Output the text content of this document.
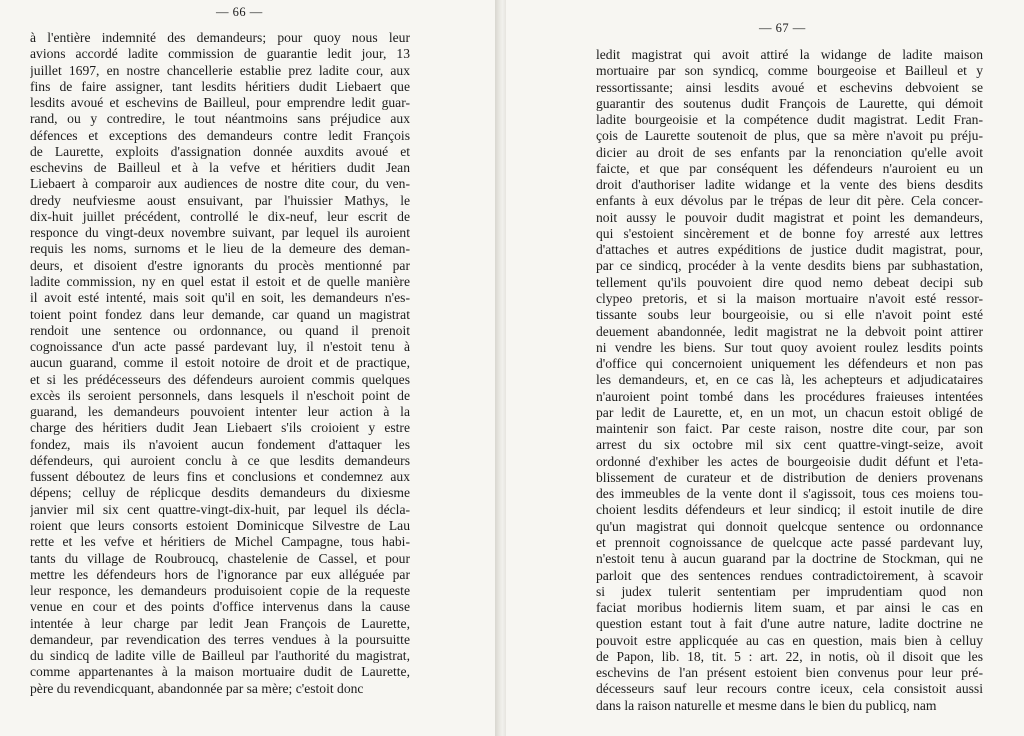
— 66 —
à l'entière indemnité des demandeurs; pour quoy nous leur
avions accordé ladite commission de guarantie ledit jour, 13
juillet 1697, en nostre chancellerie establie prez ladite cour, aux
fins de faire assigner, tant lesdits héritiers dudit Liebaert que
lesdits avoué et eschevins de Bailleul, pour emprendre ledit guar-
rand, ou y contredire, le tout néantmoins sans préjudice aux
défences et exceptions des demandeurs contre ledit François
de Laurette, exploits d'assignation donnée auxdits avoué et
eschevins de Bailleul et à la vefve et héritiers dudit Jean
Liebaert à comparoir aux audiences de nostre dite cour, du ven-
dredy neufviesme aoust ensuivant, par l'huissier Mathys, le
dix-huit juillet précédent, controllé le dix-neuf, leur escrit de
responce du vingt-deux novembre suivant, par lequel ils auroient
requis les noms, surnoms et le lieu de la demeure des deman-
deurs, et disoient d'estre ignorants du procès mentionné par
ladite commission, ny en quel estat il estoit et de quelle manière
il avoit esté intenté, mais soit qu'il en soit, les demandeurs n'es-
toient point fondez dans leur demande, car quand un magistrat
rendoit une sentence ou ordonnance, ou quand il prenoit
cognoissance d'un acte passé pardevant luy, il n'estoit tenu à
aucun guarand, comme il estoit notoire de droit et de practique,
et si les prédécesseurs des défendeurs auroient commis quelques
excès ils seroient personnels, dans lesquels il n'eschoit point de
guarand, les demandeurs pouvoient intenter leur action à la
charge des héritiers dudit Jean Liebaert s'ils croioient y estre
fondez, mais ils n'avoient aucun fondement d'attaquer les
défendeurs, qui auroient conclu à ce que lesdits demandeurs
fussent déboutez de leurs fins et conclusions et condemnez aux
dépens; celluy de réplicque desdits demandeurs du dixiesme
janvier mil six cent quattre-vingt-dix-huit, par lequel ils décla-
roient que leurs consorts estoient Dominicque Silvestre de Lau
rette et les vefve et héritiers de Michel Campagne, tous habi-
tants du village de Roubroucq, chastelenie de Cassel, et pour
mettre les défendeurs hors de l'ignorance par eux alléguée par
leur responce, les demandeurs produisoient copie de la requeste
venue en cour et des points d'office intervenus dans la cause
intentée à leur charge par ledit Jean François de Laurette,
demandeur, par revendication des terres vendues à la poursuitte
du sindicq de ladite ville de Bailleul par l'authorité du magistrat,
comme appartenantes à la maison mortuaire dudit de Laurette,
père du revendicquant, abandonnée par sa mère; c'estoit donc
— 67 —
ledit magistrat qui avoit attiré la widange de ladite maison
mortuaire par son syndicq, comme bourgeoise et Bailleul et y
ressortissante; ainsi lesdits avoué et eschevins debvoient se
guarantir des soutenus dudit François de Laurette, qui démoit
ladite bourgeoisie et la compétence dudit magistrat. Ledit Fran-
çois de Laurette soutenoit de plus, que sa mère n'avoit pu préju-
dicier au droit de ses enfants par la renonciation qu'elle avoit
faicte, et que par conséquent les défendeurs n'auroient eu un
droit d'authoriser ladite widange et la vente des biens desdits
enfants à eux dévolus par le trépas de leur dit père. Cela concer-
noit aussy le pouvoir dudit magistrat et point les demandeurs,
qui s'estoient sincèrement et de bonne foy arresté aux lettres
d'attaches et autres expéditions de justice dudit magistrat, pour,
par ce sindicq, procéder à la vente desdits biens par subhastation,
tellement qu'ils pouvoient dire quod nemo debeat decipi sub
clypeo pretoris, et si la maison mortuaire n'avoit esté ressor-
tissante soubs leur bourgeoisie, ou si elle n'avoit point esté
deuement abandonnée, ledit magistrat ne la debvoit point attirer
ni vendre les biens. Sur tout quoy avoient roulez lesdits points
d'office qui concernoient uniquement les défendeurs et non pas
les demandeurs, et, en ce cas là, les achepteurs et adjudicataires
n'auroient point tombé dans les procédures fraieuses intentées
par ledit de Laurette, et, en un mot, un chacun estoit obligé de
maintenir son faict. Par ceste raison, nostre dite cour, par son
arrest du six octobre mil six cent quattre-vingt-seize, avoit
ordonné d'exhiber les actes de bourgeoisie dudit défunt et l'eta-
blissement de curateur et de distribution de deniers provenans
des immeubles de la vente dont il s'agissoit, tous ces moiens tou-
choient lesdits défendeurs et leur sindicq; il estoit inutile de dire
qu'un magistrat qui donnoit quelcque sentence ou ordonnance
et prennoit cognoissance de quelcque acte passé pardevant luy,
n'estoit tenu à aucun guarand par la doctrine de Stockman, qui ne
parloit que des sentences rendues contradictoirement, à scavoir
si judex tulerit sententiam per imprudentiam quod non
faciat moribus hodiernis litem suam, et par ainsi le cas en
question estant tout à fait d'une autre nature, ladite doctrine ne
pouvoit estre applicquée au cas en question, mais bien à celluy
de Papon, lib. 18, tit. 5 : art. 22, in notis, où il disoit que les
eschevins de l'an présent estoient bien convenus pour leur pré-
décesseurs sauf leur recours contre iceux, cela consistoit aussi
dans la raison naturelle et mesme dans le bien du publicq, nam
